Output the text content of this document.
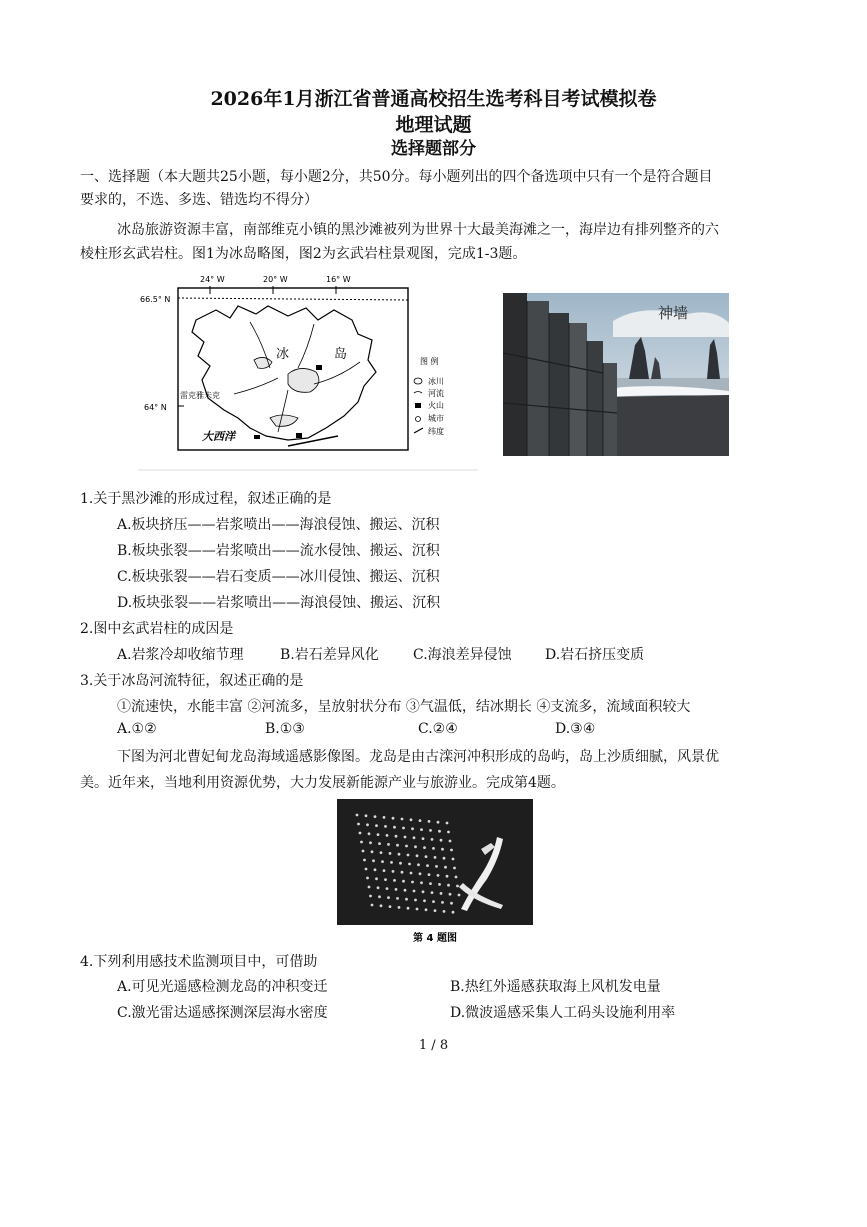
2026年1月浙江省普通高校招生选考科目考试模拟卷
地理试题
选择题部分
一、选择题（本大题共25小题，每小题2分，共50分。每小题列出的四个备选项中只有一个是符合题目
要求的，不选、多选、错选均不得分）
冰岛旅游资源丰富，南部维克小镇的黑沙滩被列为世界十大最美海滩之一，海岸边有排列整齐的六
棱柱形玄武岩柱。图1为冰岛略图，图2为玄武岩柱景观图，完成1-3题。
24° W	20° W	16° W
66.5° N
64° N
冰	岛
雷克雅未克
大西洋
图 例
冰川
河流
火山
城市
纬度
神墙
1.关于黑沙滩的形成过程，叙述正确的是
A.板块挤压——岩浆喷出——海浪侵蚀、搬运、沉积
B.板块张裂——岩浆喷出——流水侵蚀、搬运、沉积
C.板块张裂——岩石变质——冰川侵蚀、搬运、沉积
D.板块张裂——岩浆喷出——海浪侵蚀、搬运、沉积
2.图中玄武岩柱的成因是
A.岩浆冷却收缩节理	B.岩石差异风化 C.海浪差异侵蚀 D.岩石挤压变质
3.关于冰岛河流特征，叙述正确的是
①流速快，水能丰富 ②河流多，呈放射状分布 ③气温低，结冰期长 ④支流多，流域面积较大
A.①②	B.①③	C.②④	D.③④
下图为河北曹妃甸龙岛海域遥感影像图。龙岛是由古滦河冲积形成的岛屿，岛上沙质细腻，风景优
美。近年来，当地利用资源优势，大力发展新能源产业与旅游业。完成第4题。
第 4 题图
4.下列利用感技术监测项目中，可借助
A.可见光遥感检测龙岛的冲积变迁	B.热红外遥感获取海上风机发电量
C.激光雷达遥感探测深层海水密度	D.微波遥感采集人工码头设施利用率
1 / 8
